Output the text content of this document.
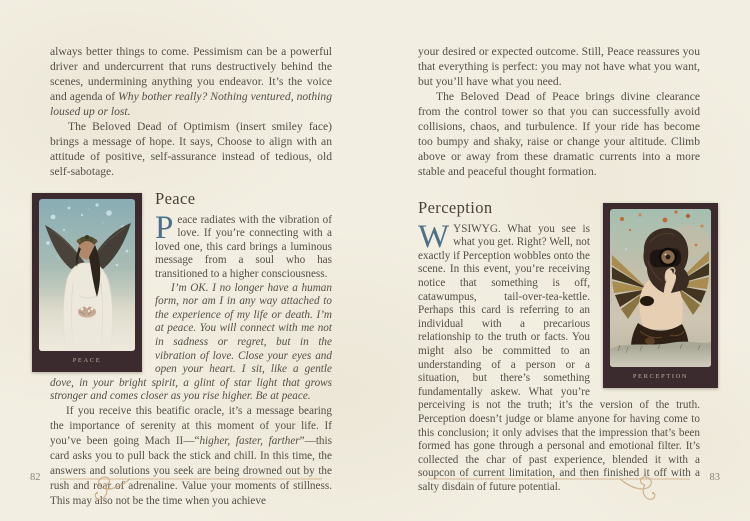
always better things to come. Pessimism can be a powerful driver and undercurrent that runs destructively behind the scenes, undermining anything you endeavor. It’s the voice and agenda of Why bother really? Nothing ventured, nothing loused up or lost.

The Beloved Dead of Optimism (insert smiley face) brings a message of hope. It says, Choose to align with an attitude of positive, self-assurance instead of tedious, old self-sabotage.

PEACE
Peace

Peace radiates with the vibration of love. If you’re connecting with a loved one, this card brings a luminous message from a soul who has transitioned to a higher consciousness.

I’m OK. I no longer have a human form, nor am I in any way attached to the experience of my life or death. I’m at peace. You will connect with me not in sadness or regret, but in the vibration of love. Close your eyes and open your heart. I sit, like a gentle dove, in your bright spirit, a glint of star light that grows stronger and comes closer as you rise higher. Be at peace.

If you receive this beatific oracle, it’s a message bearing the importance of serenity at this moment of your life. If you’ve been going Mach II—“higher, faster, farther”—this card asks you to pull back the stick and chill. In this time, the answers and solutions you seek are being drowned out by the rush and roar of adrenaline. Value your moments of stillness. This may also not be the time when you achieve

82

your desired or expected outcome. Still, Peace reassures you that everything is perfect: you may not have what you want, but you’ll have what you need.

The Beloved Dead of Peace brings divine clearance from the control tower so that you can successfully avoid collisions, chaos, and turbulence. If your ride has become too bumpy and shaky, raise or change your altitude. Climb above or away from these dramatic currents into a more stable and peaceful thought formation.

PERCEPTION
Perception

WYSIWYG. What you see is what you get. Right? Well, not exactly if Perception wobbles onto the scene. In this event, you’re receiving notice that something is off, catawumpus, tail-over-tea-kettle. Perhaps this card is referring to an individual with a precarious relationship to the truth or facts. You might also be committed to an understanding of a person or a situation, but there’s something fundamentally askew. What you’re perceiving is not the truth; it’s the version of the truth. Perception doesn’t judge or blame anyone for having come to this conclusion; it only advises that the impression that’s been formed has gone through a personal and emotional filter. It’s collected the char of past experience, blended it with a soupcon of current limitation, and then finished it off with a salty disdain of future potential.

83
